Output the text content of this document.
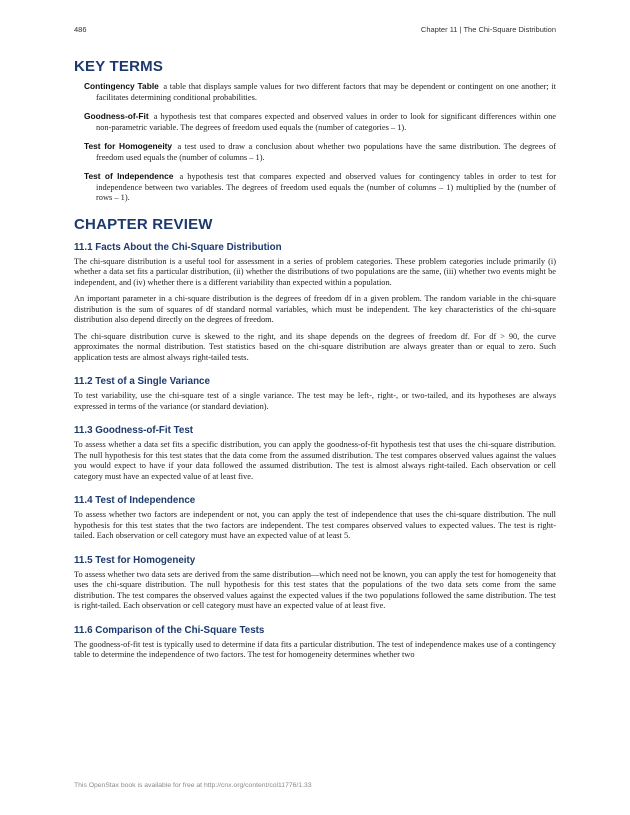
486	Chapter 11 | The Chi-Square Distribution
KEY TERMS
Contingency Table a table that displays sample values for two different factors that may be dependent or contingent on one another; it facilitates determining conditional probabilities.
Goodness-of-Fit a hypothesis test that compares expected and observed values in order to look for significant differences within one non-parametric variable. The degrees of freedom used equals the (number of categories – 1).
Test for Homogeneity a test used to draw a conclusion about whether two populations have the same distribution. The degrees of freedom used equals the (number of columns – 1).
Test of Independence a hypothesis test that compares expected and observed values for contingency tables in order to test for independence between two variables. The degrees of freedom used equals the (number of columns – 1) multiplied by the (number of rows – 1).
CHAPTER REVIEW
11.1 Facts About the Chi-Square Distribution

The chi-square distribution is a useful tool for assessment in a series of problem categories. These problem categories include primarily (i) whether a data set fits a particular distribution, (ii) whether the distributions of two populations are the same, (iii) whether two events might be independent, and (iv) whether there is a different variability than expected within a population.

An important parameter in a chi-square distribution is the degrees of freedom df in a given problem. The random variable in the chi-square distribution is the sum of squares of df standard normal variables, which must be independent. The key characteristics of the chi-square distribution also depend directly on the degrees of freedom.

The chi-square distribution curve is skewed to the right, and its shape depends on the degrees of freedom df. For df > 90, the curve approximates the normal distribution. Test statistics based on the chi-square distribution are always greater than or equal to zero. Such application tests are almost always right-tailed tests.

11.2 Test of a Single Variance

To test variability, use the chi-square test of a single variance. The test may be left-, right-, or two-tailed, and its hypotheses are always expressed in terms of the variance (or standard deviation).

11.3 Goodness-of-Fit Test

To assess whether a data set fits a specific distribution, you can apply the goodness-of-fit hypothesis test that uses the chi-square distribution. The null hypothesis for this test states that the data come from the assumed distribution. The test compares observed values against the values you would expect to have if your data followed the assumed distribution. The test is almost always right-tailed. Each observation or cell category must have an expected value of at least five.

11.4 Test of Independence

To assess whether two factors are independent or not, you can apply the test of independence that uses the chi-square distribution. The null hypothesis for this test states that the two factors are independent. The test compares observed values to expected values. The test is right-tailed. Each observation or cell category must have an expected value of at least 5.

11.5 Test for Homogeneity

To assess whether two data sets are derived from the same distribution—which need not be known, you can apply the test for homogeneity that uses the chi-square distribution. The null hypothesis for this test states that the populations of the two data sets come from the same distribution. The test compares the observed values against the expected values if the two populations followed the same distribution. The test is right-tailed. Each observation or cell category must have an expected value of at least five.

11.6 Comparison of the Chi-Square Tests

The goodness-of-fit test is typically used to determine if data fits a particular distribution. The test of independence makes use of a contingency table to determine the independence of two factors. The test for homogeneity determines whether two

This OpenStax book is available for free at http://cnx.org/content/col11776/1.33
